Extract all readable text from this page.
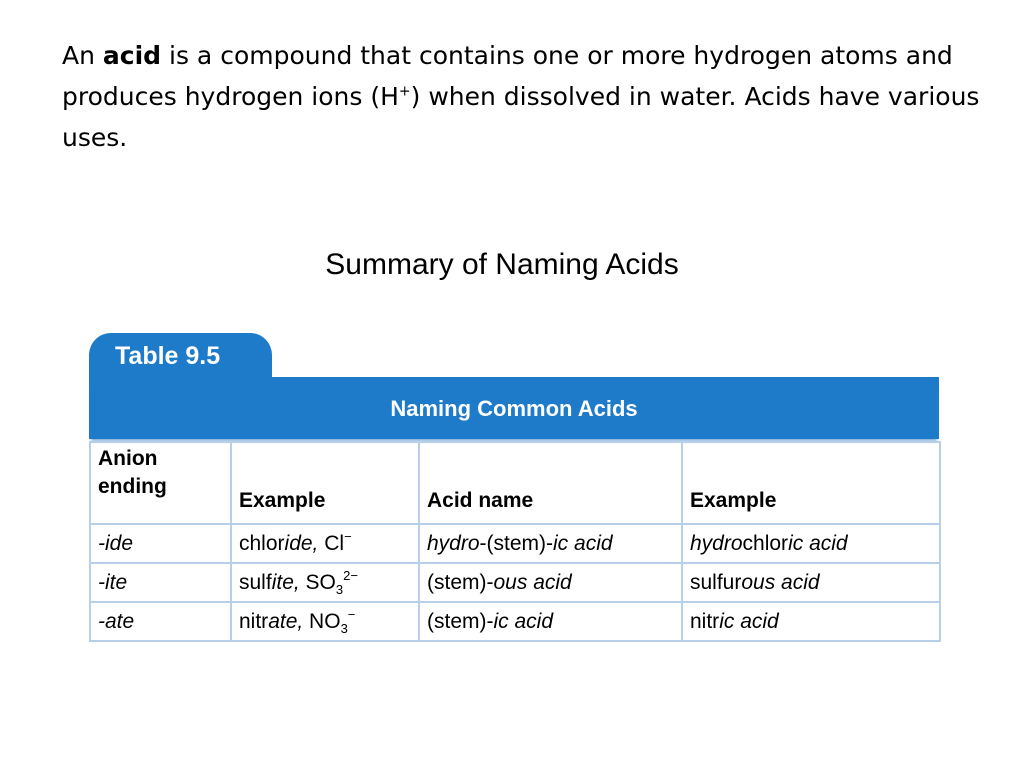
An acid is a compound that contains one or more hydrogen atoms and produces hydrogen ions (H+) when dissolved in water. Acids have various uses.

Summary of Naming Acids
Table 9.5
Naming Common Acids
Anion ending	Example	Acid name	Example
-ide	chloride, Cl−	hydro-(stem)-ic acid	hydrochloric acid
-ite	sulfite, $SO_3^{2-}$	(stem)-ous acid	sulfurous acid
-ate	nitrate, $NO_3^-$	(stem)-ic acid	nitric acid
